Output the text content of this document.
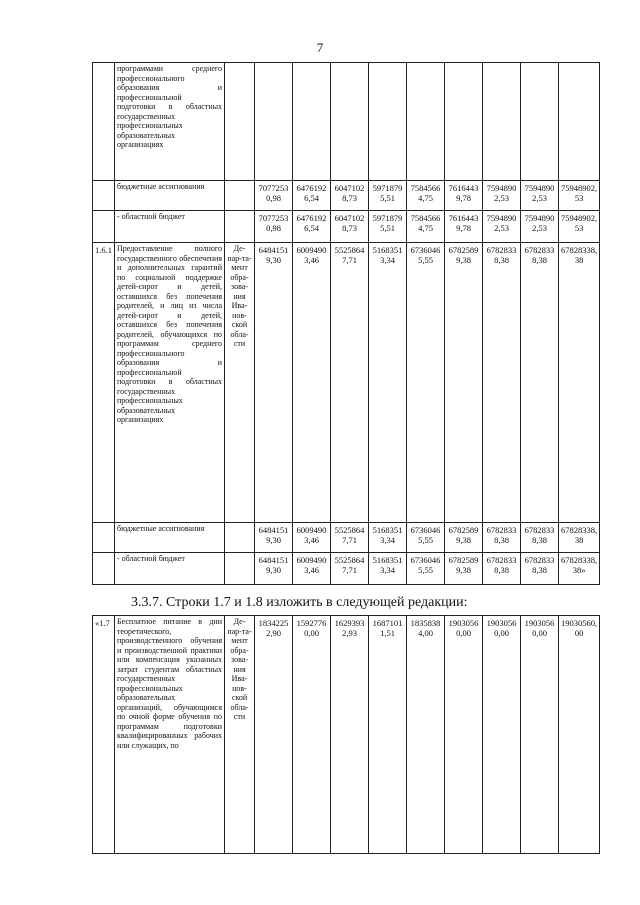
7
	программами среднего профессионального образования и профессиональной подготовки в областных государственных профессиональных образовательных организациях										
	бюджетные ассигнования		7077253 0,98	6476192 6,54	6047102 8,73	5971879 5,51	7584566 4,75	7616443 9,78	7594890 2,53	7594890 2,53	75948902, 53
	- областной бюджет		7077253 0,98	6476192 6,54	6047102 8,73	5971879 5,51	7584566 4,75	7616443 9,78	7594890 2,53	7594890 2,53	75948902, 53
1.6.1	Предоставление полного государственного обеспечения и дополнительных гарантий по социальной поддержке детей-сирот и детей, оставшихся без попечения родителей, и лиц из числа детей-сирот и детей, оставшихся без попечения родителей, обучающихся по программам среднего профессионального образования и профессиональной подготовки в областных государственных профессиональных образовательных организациях	Де-пар-та-мент обра-зова-ния Ива-нов-ской обла-сти	6484151 9,30	6009490 3,46	5525864 7,71	5168351 3,34	6736046 5,55	6782589 9,38	6782833 8,38	6782833 8,38	67828338, 38
	бюджетные ассигнования		6484151 9,30	6009490 3,46	5525864 7,71	5168351 3,34	6736046 5,55	6782589 9,38	6782833 8,38	6782833 8,38	67828338, 38
	- областной бюджет		6484151 9,30	6009490 3,46	5525864 7,71	5168351 3,34	6736046 5,55	6782589 9,38	6782833 8,38	6782833 8,38	67828338, 38»
3.3.7. Строки 1.7 и 1.8 изложить в следующей редакции:
«1.7	Бесплатное питание в дни теоретического, производственного обучения и производственной практики или компенсация указанных затрат студентам областных государственных профессиональных образовательных организаций, обучающимся по очной форме обучения по программам подготовки квалифицированных рабочих или служащих, по	Де-пар-та-мент обра-зова-ния Ива-нов-ской обла-сти	1834225 2,90	1592776 0,00	1629393 2,93	1687101 1,51	1835838 4,00	1903056 0,00	1903056 0,00	1903056 0,00	19030560, 00
